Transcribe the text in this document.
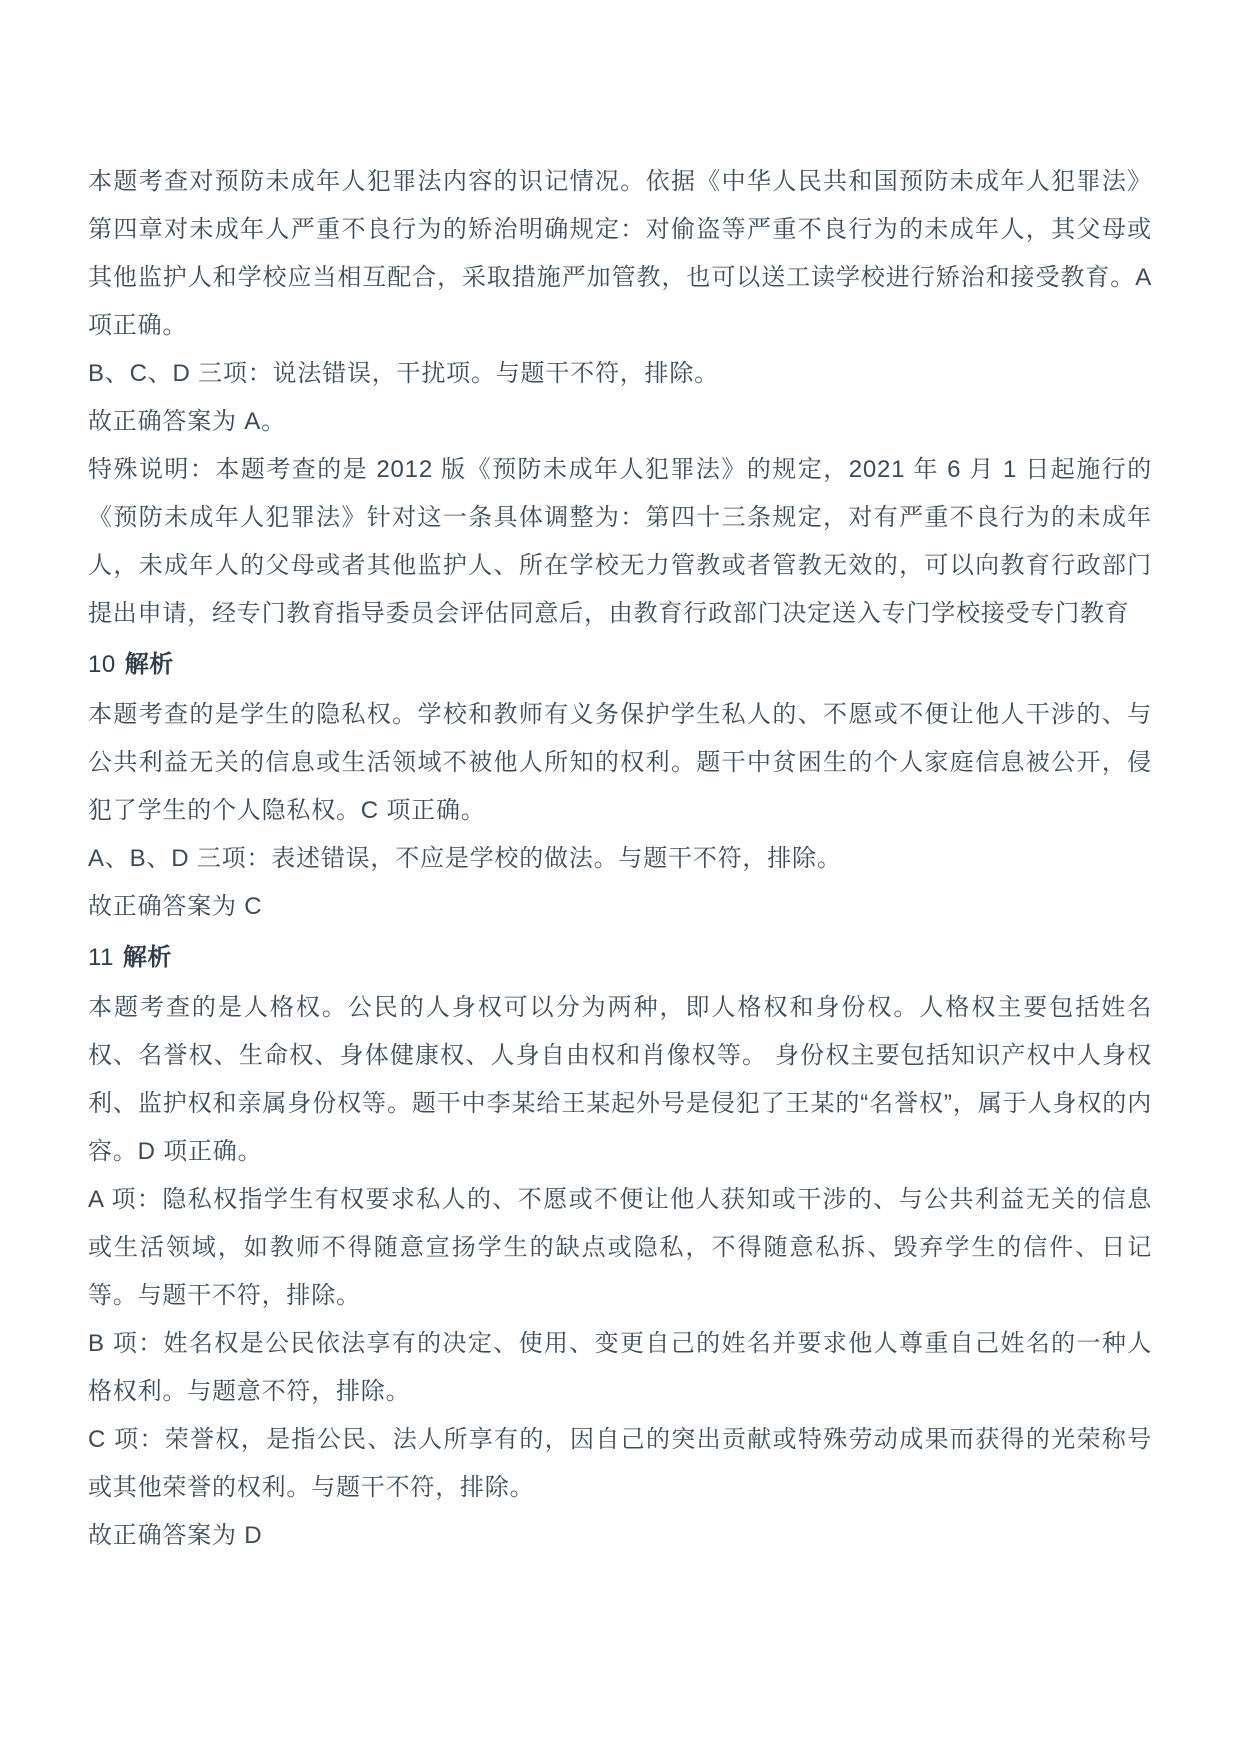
本题考查对预防未成年人犯罪法内容的识记情况。依据《中华人民共和国预防未成年人犯罪法》第四章对未成年人严重不良行为的矫治明确规定：对偷盗等严重不良行为的未成年人，其父母或其他监护人和学校应当相互配合，采取措施严加管教，也可以送工读学校进行矫治和接受教育。A 项正确。

B、C、D 三项：说法错误，干扰项。与题干不符，排除。

故正确答案为 A。

特殊说明：本题考查的是 2012 版《预防未成年人犯罪法》的规定，2021 年 6 月 1 日起施行的《预防未成年人犯罪法》针对这一条具体调整为：第四十三条规定，对有严重不良行为的未成年人，未成年人的父母或者其他监护人、所在学校无力管教或者管教无效的，可以向教育行政部门提出申请，经专门教育指导委员会评估同意后，由教育行政部门决定送入专门学校接受专门教育

10 解析

本题考查的是学生的隐私权。学校和教师有义务保护学生私人的、不愿或不便让他人干涉的、与公共利益无关的信息或生活领域不被他人所知的权利。题干中贫困生的个人家庭信息被公开，侵犯了学生的个人隐私权。C 项正确。

A、B、D 三项：表述错误，不应是学校的做法。与题干不符，排除。

故正确答案为 C

11 解析

本题考查的是人格权。公民的人身权可以分为两种，即人格权和身份权。人格权主要包括姓名权、名誉权、生命权、身体健康权、人身自由权和肖像权等。 身份权主要包括知识产权中人身权利、监护权和亲属身份权等。题干中李某给王某起外号是侵犯了王某的“名誉权”，属于人身权的内容。D 项正确。

A 项：隐私权指学生有权要求私人的、不愿或不便让他人获知或干涉的、与公共利益无关的信息或生活领域，如教师不得随意宣扬学生的缺点或隐私，不得随意私拆、毁弃学生的信件、日记等。与题干不符，排除。

B 项：姓名权是公民依法享有的决定、使用、变更自己的姓名并要求他人尊重自己姓名的一种人格权利。与题意不符，排除。

C 项：荣誉权，是指公民、法人所享有的，因自己的突出贡献或特殊劳动成果而获得的光荣称号或其他荣誉的权利。与题干不符，排除。

故正确答案为 D
